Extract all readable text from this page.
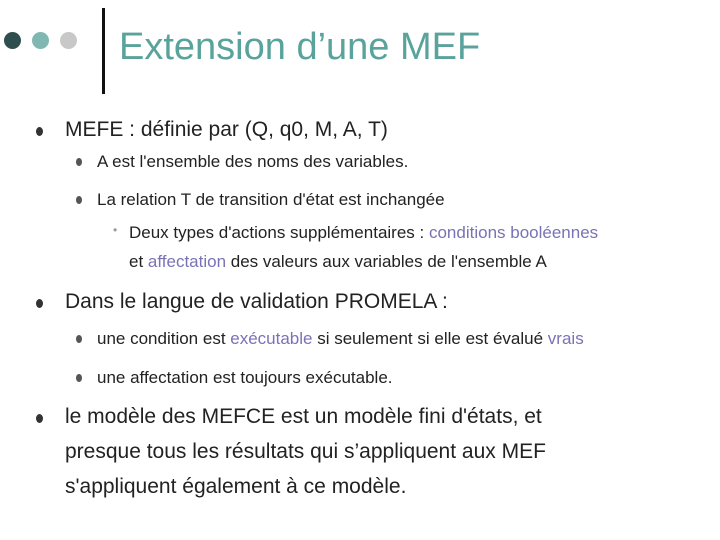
Extension d’une MEF
MEFE : définie par (Q, q0, M, A, T)
A est l'ensemble des noms des variables.
La relation T de transition d'état est inchangée
• Deux types d'actions supplémentaires : conditions booléennes
et affectation des valeurs aux variables de l'ensemble A
Dans le langue de validation PROMELA :
une condition est exécutable si seulement si elle est évalué vrais
une affectation est toujours exécutable.
le modèle des MEFCE est un modèle fini d'états, et
presque tous les résultats qui s’appliquent aux MEF
s'appliquent également à ce modèle.
